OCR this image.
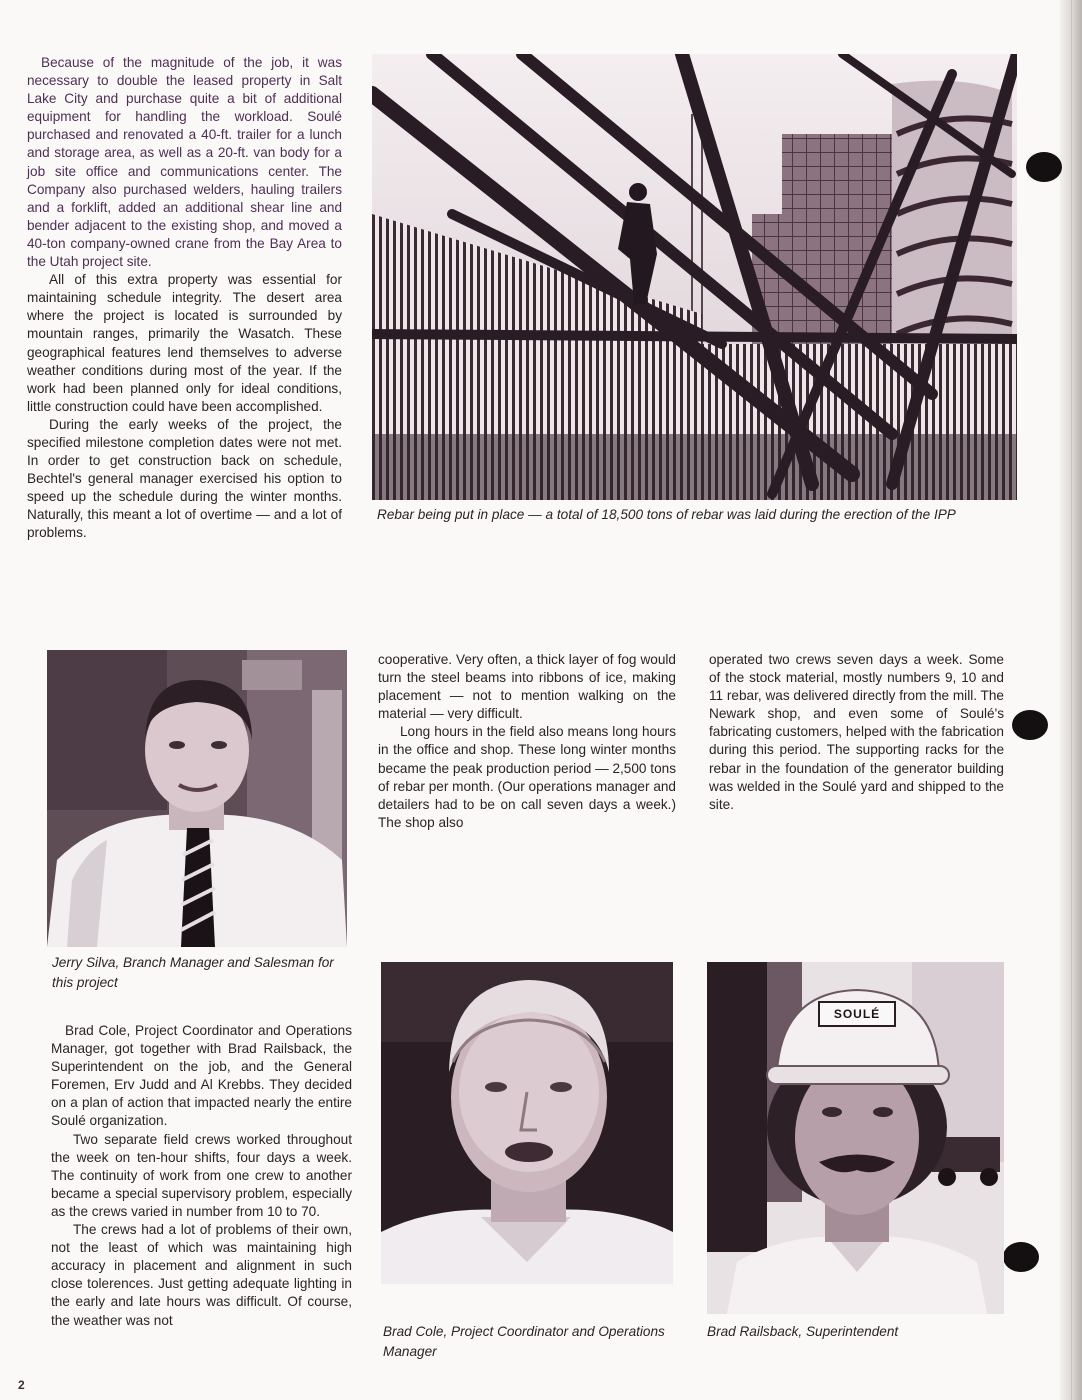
Because of the magnitude of the job, it was necessary to double the leased property in Salt Lake City and purchase quite a bit of additional equipment for handling the workload. Soulé purchased and renovated a 40-ft. trailer for a lunch and storage area, as well as a 20-ft. van body for a job site office and communications center. The Company also purchased welders, hauling trailers and a forklift, added an additional shear line and bender adjacent to the existing shop, and moved a 40-ton company-owned crane from the Bay Area to the Utah project site.

All of this extra property was essential for maintaining schedule integrity. The desert area where the project is located is surrounded by mountain ranges, primarily the Wasatch. These geographical features lend themselves to adverse weather conditions during most of the year. If the work had been planned only for ideal conditions, little construction could have been accomplished.

During the early weeks of the project, the specified milestone completion dates were not met. In order to get construction back on schedule, Bechtel's general manager exercised his option to speed up the schedule during the winter months. Naturally, this meant a lot of overtime — and a lot of problems.

Rebar being put in place — a total of 18,500 tons of rebar was laid during the erection of the IPP
Jerry Silva, Branch Manager and Salesman for this project

cooperative. Very often, a thick layer of fog would turn the steel beams into ribbons of ice, making placement — not to mention walking on the material — very difficult.

Long hours in the field also means long hours in the office and shop. These long winter months became the peak production period — 2,500 tons of rebar per month. (Our operations manager and detailers had to be on call seven days a week.) The shop also

operated two crews seven days a week. Some of the stock material, mostly numbers 9, 10 and 11 rebar, was delivered directly from the mill. The Newark shop, and even some of Soulé's fabricating customers, helped with the fabrication during this period. The supporting racks for the rebar in the foundation of the generator building was welded in the Soulé yard and shipped to the site.

Brad Cole, Project Coordinator and Operations Manager, got together with Brad Railsback, the Superintendent on the job, and the General Foremen, Erv Judd and Al Krebbs. They decided on a plan of action that impacted nearly the entire Soulé organization.

Two separate field crews worked throughout the week on ten-hour shifts, four days a week. The continuity of work from one crew to another became a special supervisory problem, especially as the crews varied in number from 10 to 70.

The crews had a lot of problems of their own, not the least of which was maintaining high accuracy in placement and alignment in such close tolerences. Just getting adequate lighting in the early and late hours was difficult. Of course, the weather was not

Brad Cole, Project Coordinator and Operations Manager
SOULÉ
Brad Railsback, Superintendent
2
